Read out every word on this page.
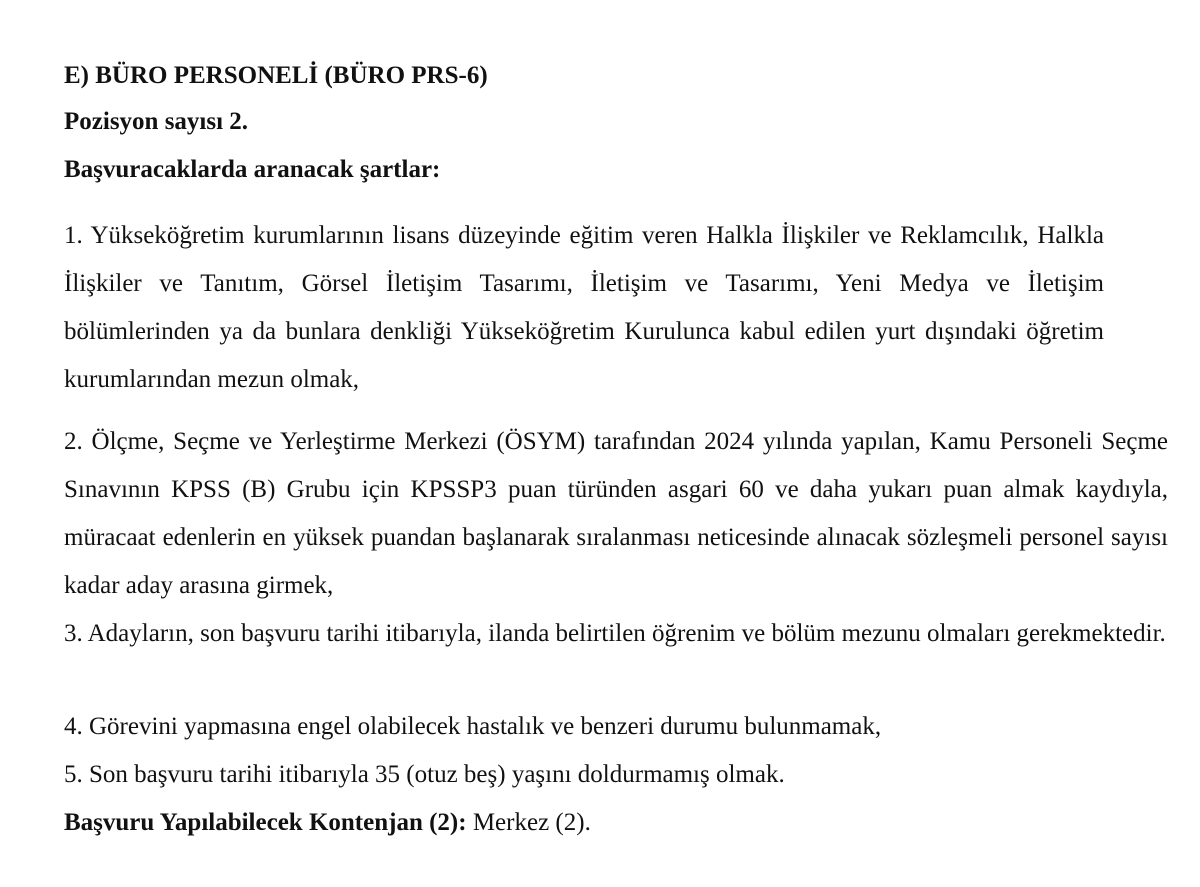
E) BÜRO PERSONELİ (BÜRO PRS-6)
Pozisyon sayısı 2.
Başvuracaklarda aranacak şartlar:
1. Yükseköğretim kurumlarının lisans düzeyinde eğitim veren Halkla İlişkiler ve Reklamcılık, Halkla İlişkiler ve Tanıtım, Görsel İletişim Tasarımı, İletişim ve Tasarımı, Yeni Medya ve İletişim bölümlerinden ya da bunlara denkliği Yükseköğretim Kurulunca kabul edilen yurt dışındaki öğretim kurumlarından mezun olmak,
2. Ölçme, Seçme ve Yerleştirme Merkezi (ÖSYM) tarafından 2024 yılında yapılan, Kamu Personeli Seçme Sınavının KPSS (B) Grubu için KPSSP3 puan türünden asgari 60 ve daha yukarı puan almak kaydıyla, müracaat edenlerin en yüksek puandan başlanarak sıralanması neticesinde alınacak sözleşmeli personel sayısı kadar aday arasına girmek,
3. Adayların, son başvuru tarihi itibarıyla, ilanda belirtilen öğrenim ve bölüm mezunu olmaları gerekmektedir.
4. Görevini yapmasına engel olabilecek hastalık ve benzeri durumu bulunmamak,
5. Son başvuru tarihi itibarıyla 35 (otuz beş) yaşını doldurmamış olmak.
Başvuru Yapılabilecek Kontenjan (2): Merkez (2).
